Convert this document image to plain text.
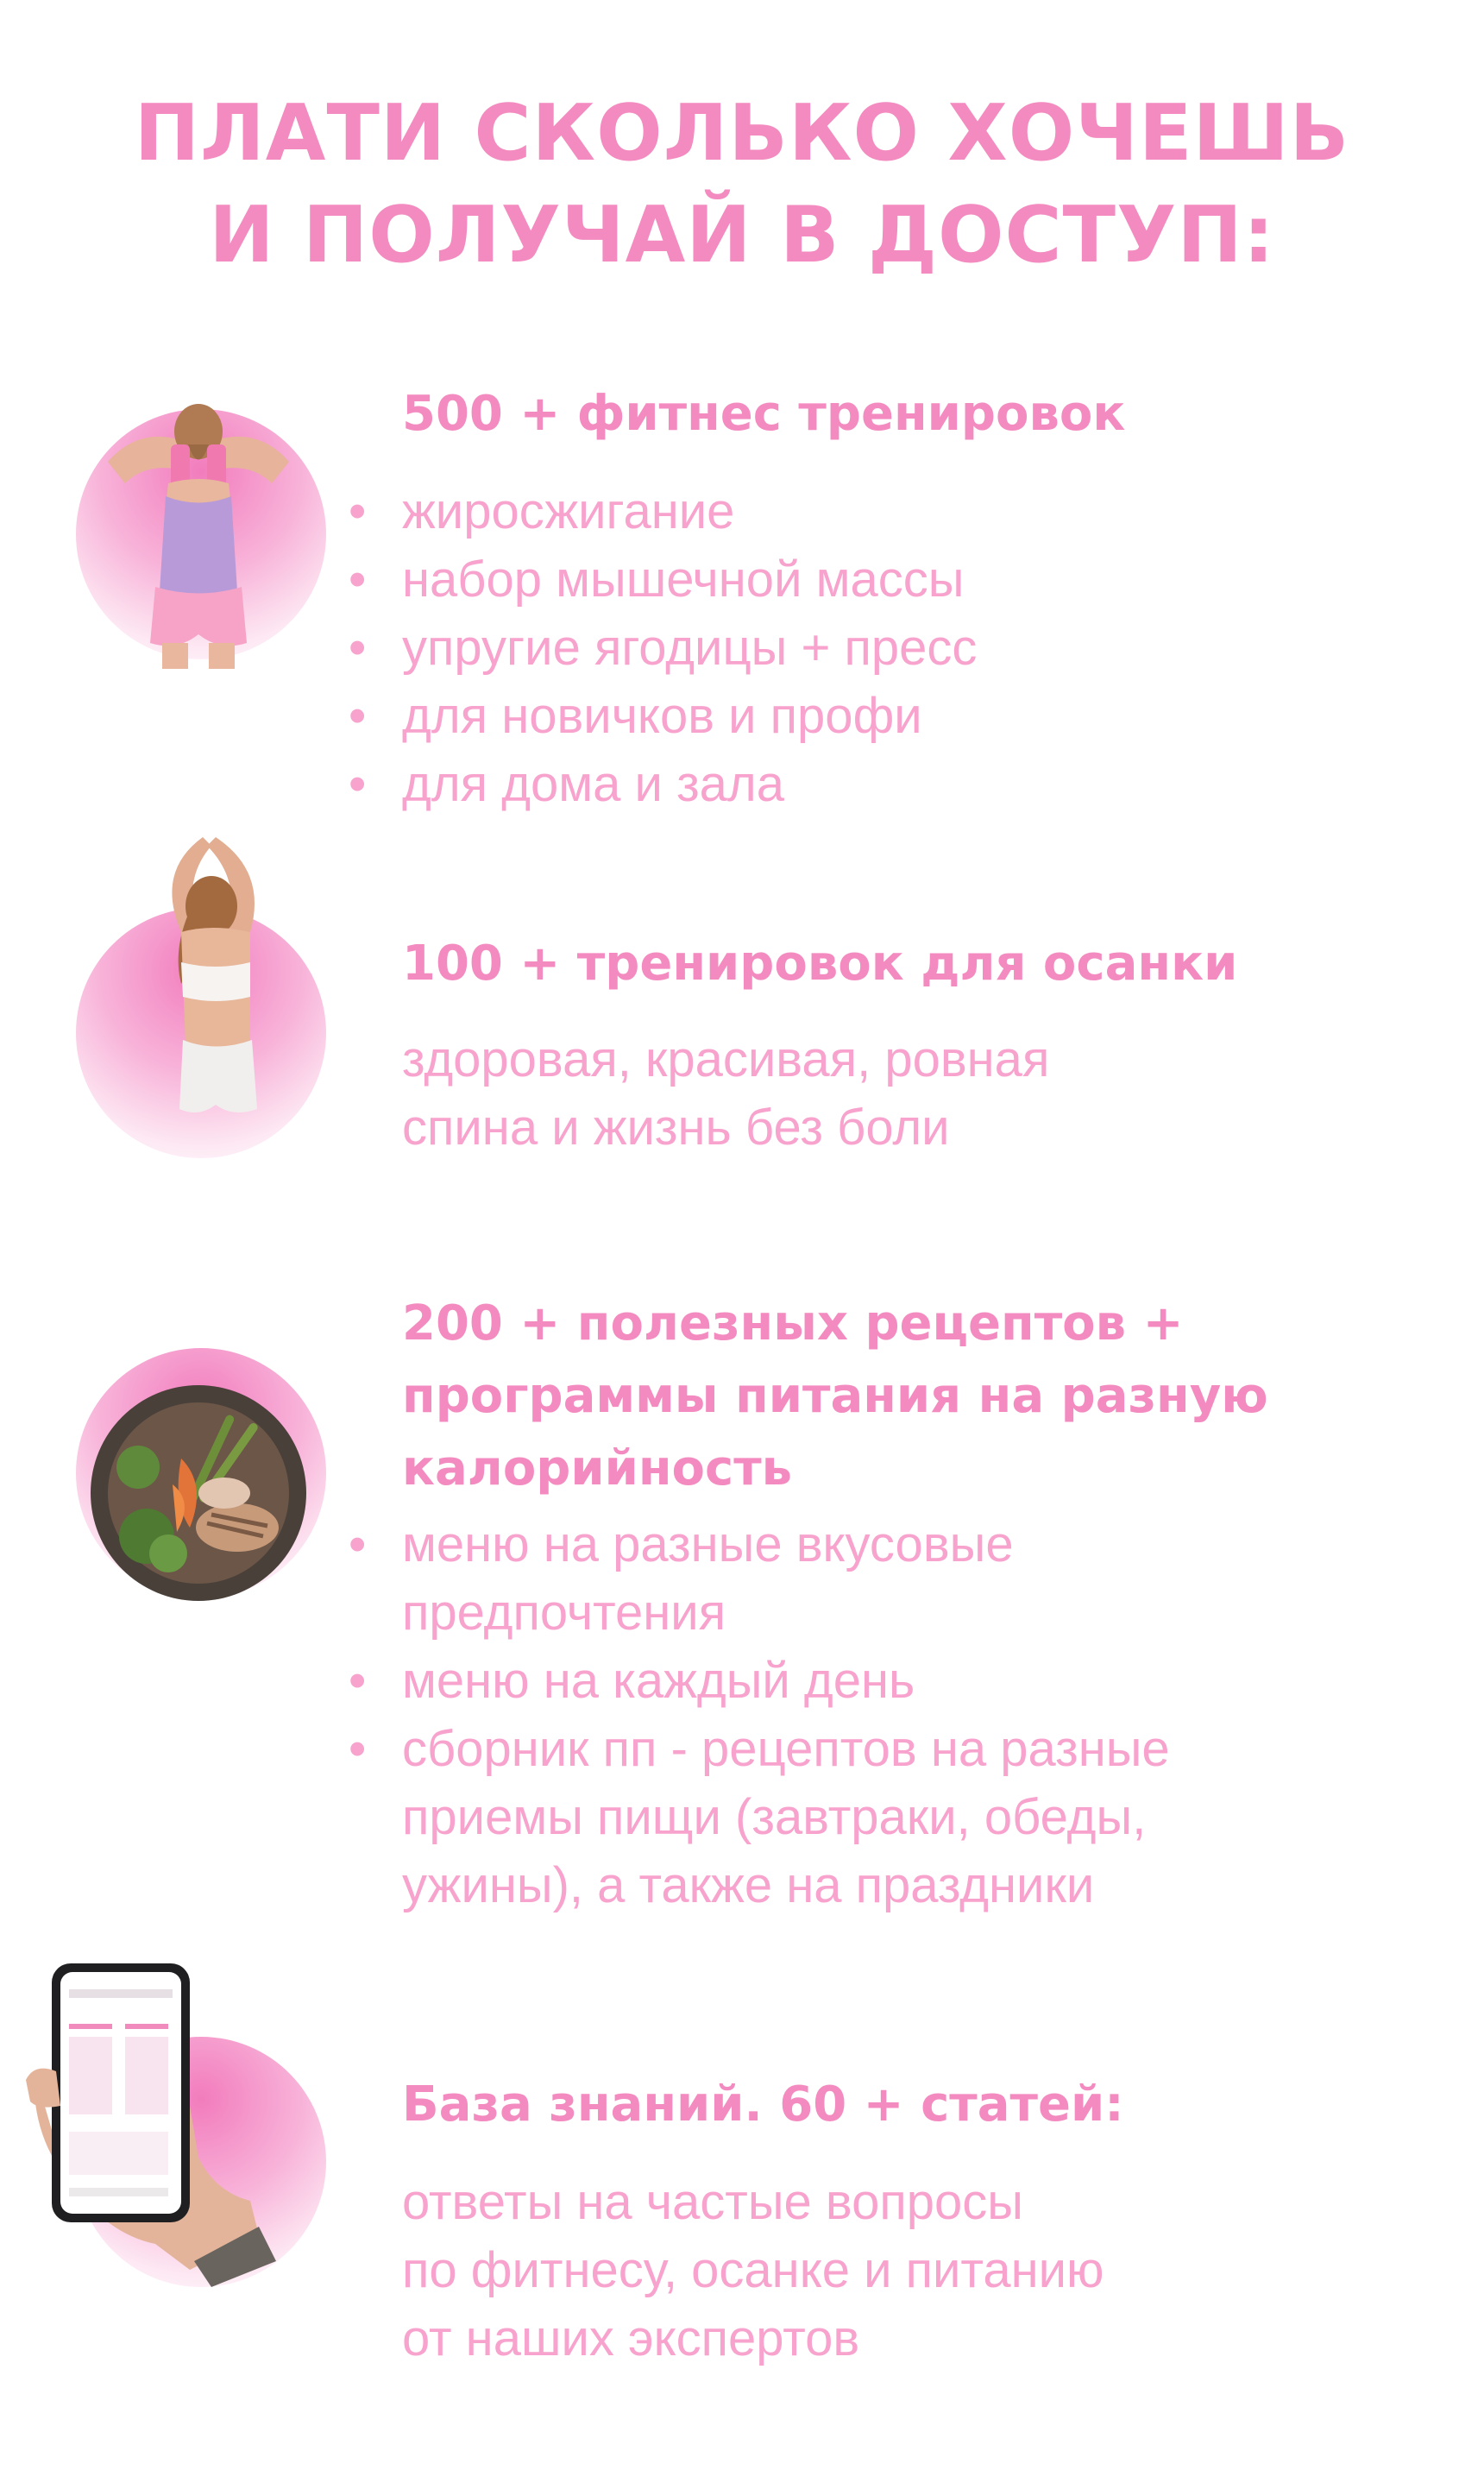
ПЛАТИ СКОЛЬКО ХОЧЕШЬ
И ПОЛУЧАЙ В ДОСТУП:
500 + фитнес тренировок
• жиросжигание
• набор мышечной массы
• упругие ягодицы + пресс
• для новичков и профи
• для дома и зала
100 + тренировок для осанки
здоровая, красивая, ровная
спина и жизнь без боли
200 + полезных рецептов +
программы питания на разную
калорийность
• меню на разные вкусовые
предпочтения
• меню на каждый день
• сборник пп - рецептов на разные
приемы пищи (завтраки, обеды,
ужины), а также на праздники
База знаний. 60 + статей:
ответы на частые вопросы
по фитнесу, осанке и питанию
от наших экспертов
